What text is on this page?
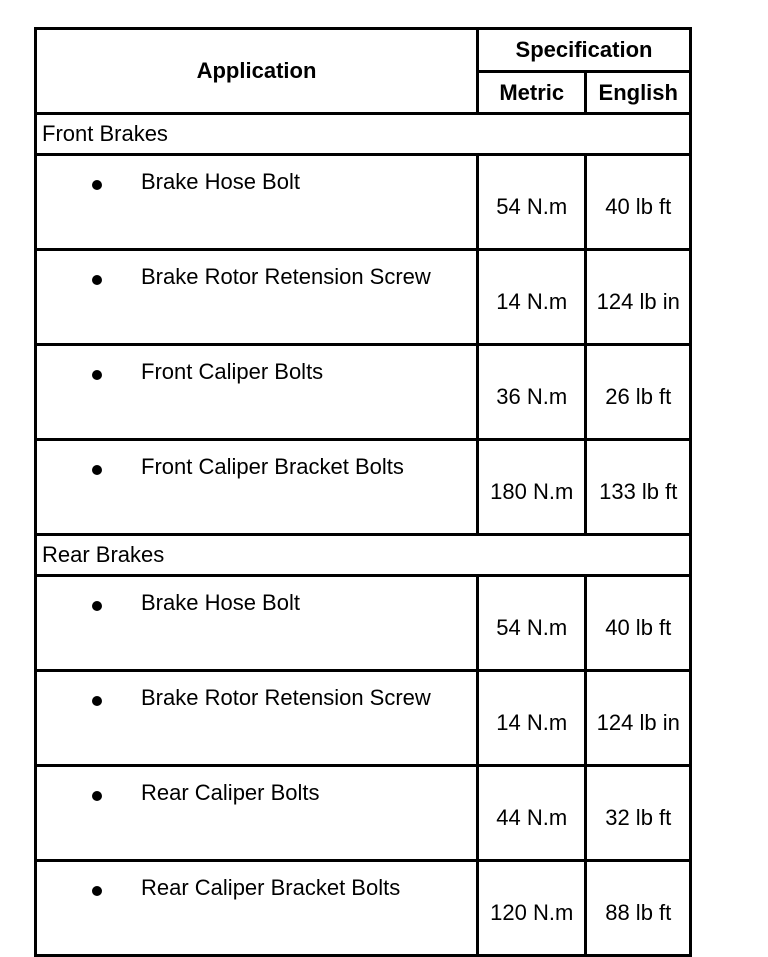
Application	Specification	
	Metric	English
Front Brakes		

Brake Hose Bolt	54 N.m	40 lb ft

Brake Rotor Retension Screw	14 N.m	124 lb in

Front Caliper Bolts	36 N.m	26 lb ft

Front Caliper Bracket Bolts	180 N.m	133 lb ft
Rear Brakes		

Brake Hose Bolt	54 N.m	40 lb ft

Brake Rotor Retension Screw	14 N.m	124 lb in

Rear Caliper Bolts	44 N.m	32 lb ft

Rear Caliper Bracket Bolts	120 N.m	88 lb ft
